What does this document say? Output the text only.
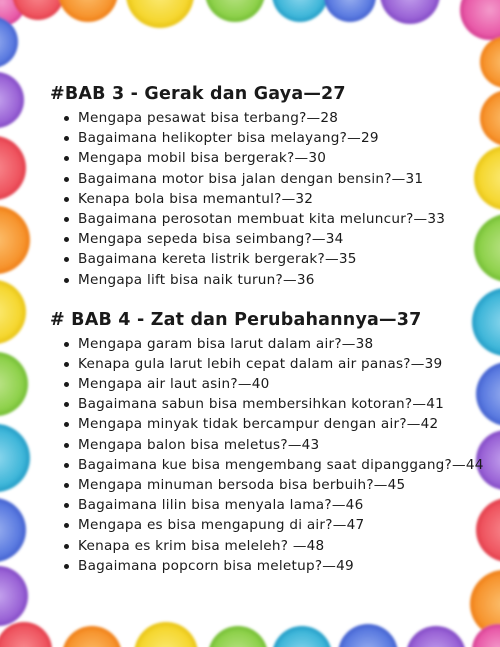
#BAB 3 - Gerak dan Gaya—27
Mengapa pesawat bisa terbang?—28
Bagaimana helikopter bisa melayang?—29
Mengapa mobil bisa bergerak?—30
Bagaimana motor bisa jalan dengan bensin?—31
Kenapa bola bisa memantul?—32
Bagaimana perosotan membuat kita meluncur?—33
Mengapa sepeda bisa seimbang?—34
Bagaimana kereta listrik bergerak?—35
Mengapa lift bisa naik turun?—36
# BAB 4 - Zat dan Perubahannya—37
Mengapa garam bisa larut dalam air?—38
Kenapa gula larut lebih cepat dalam air panas?—39
Mengapa air laut asin?—40
Bagaimana sabun bisa membersihkan kotoran?—41
Mengapa minyak tidak bercampur dengan air?—42
Mengapa balon bisa meletus?—43
Bagaimana kue bisa mengembang saat dipanggang?—44
Mengapa minuman bersoda bisa berbuih?—45
Bagaimana lilin bisa menyala lama?—46
Mengapa es bisa mengapung di air?—47
Kenapa es krim bisa meleleh? —48
Bagaimana popcorn bisa meletup?—49
